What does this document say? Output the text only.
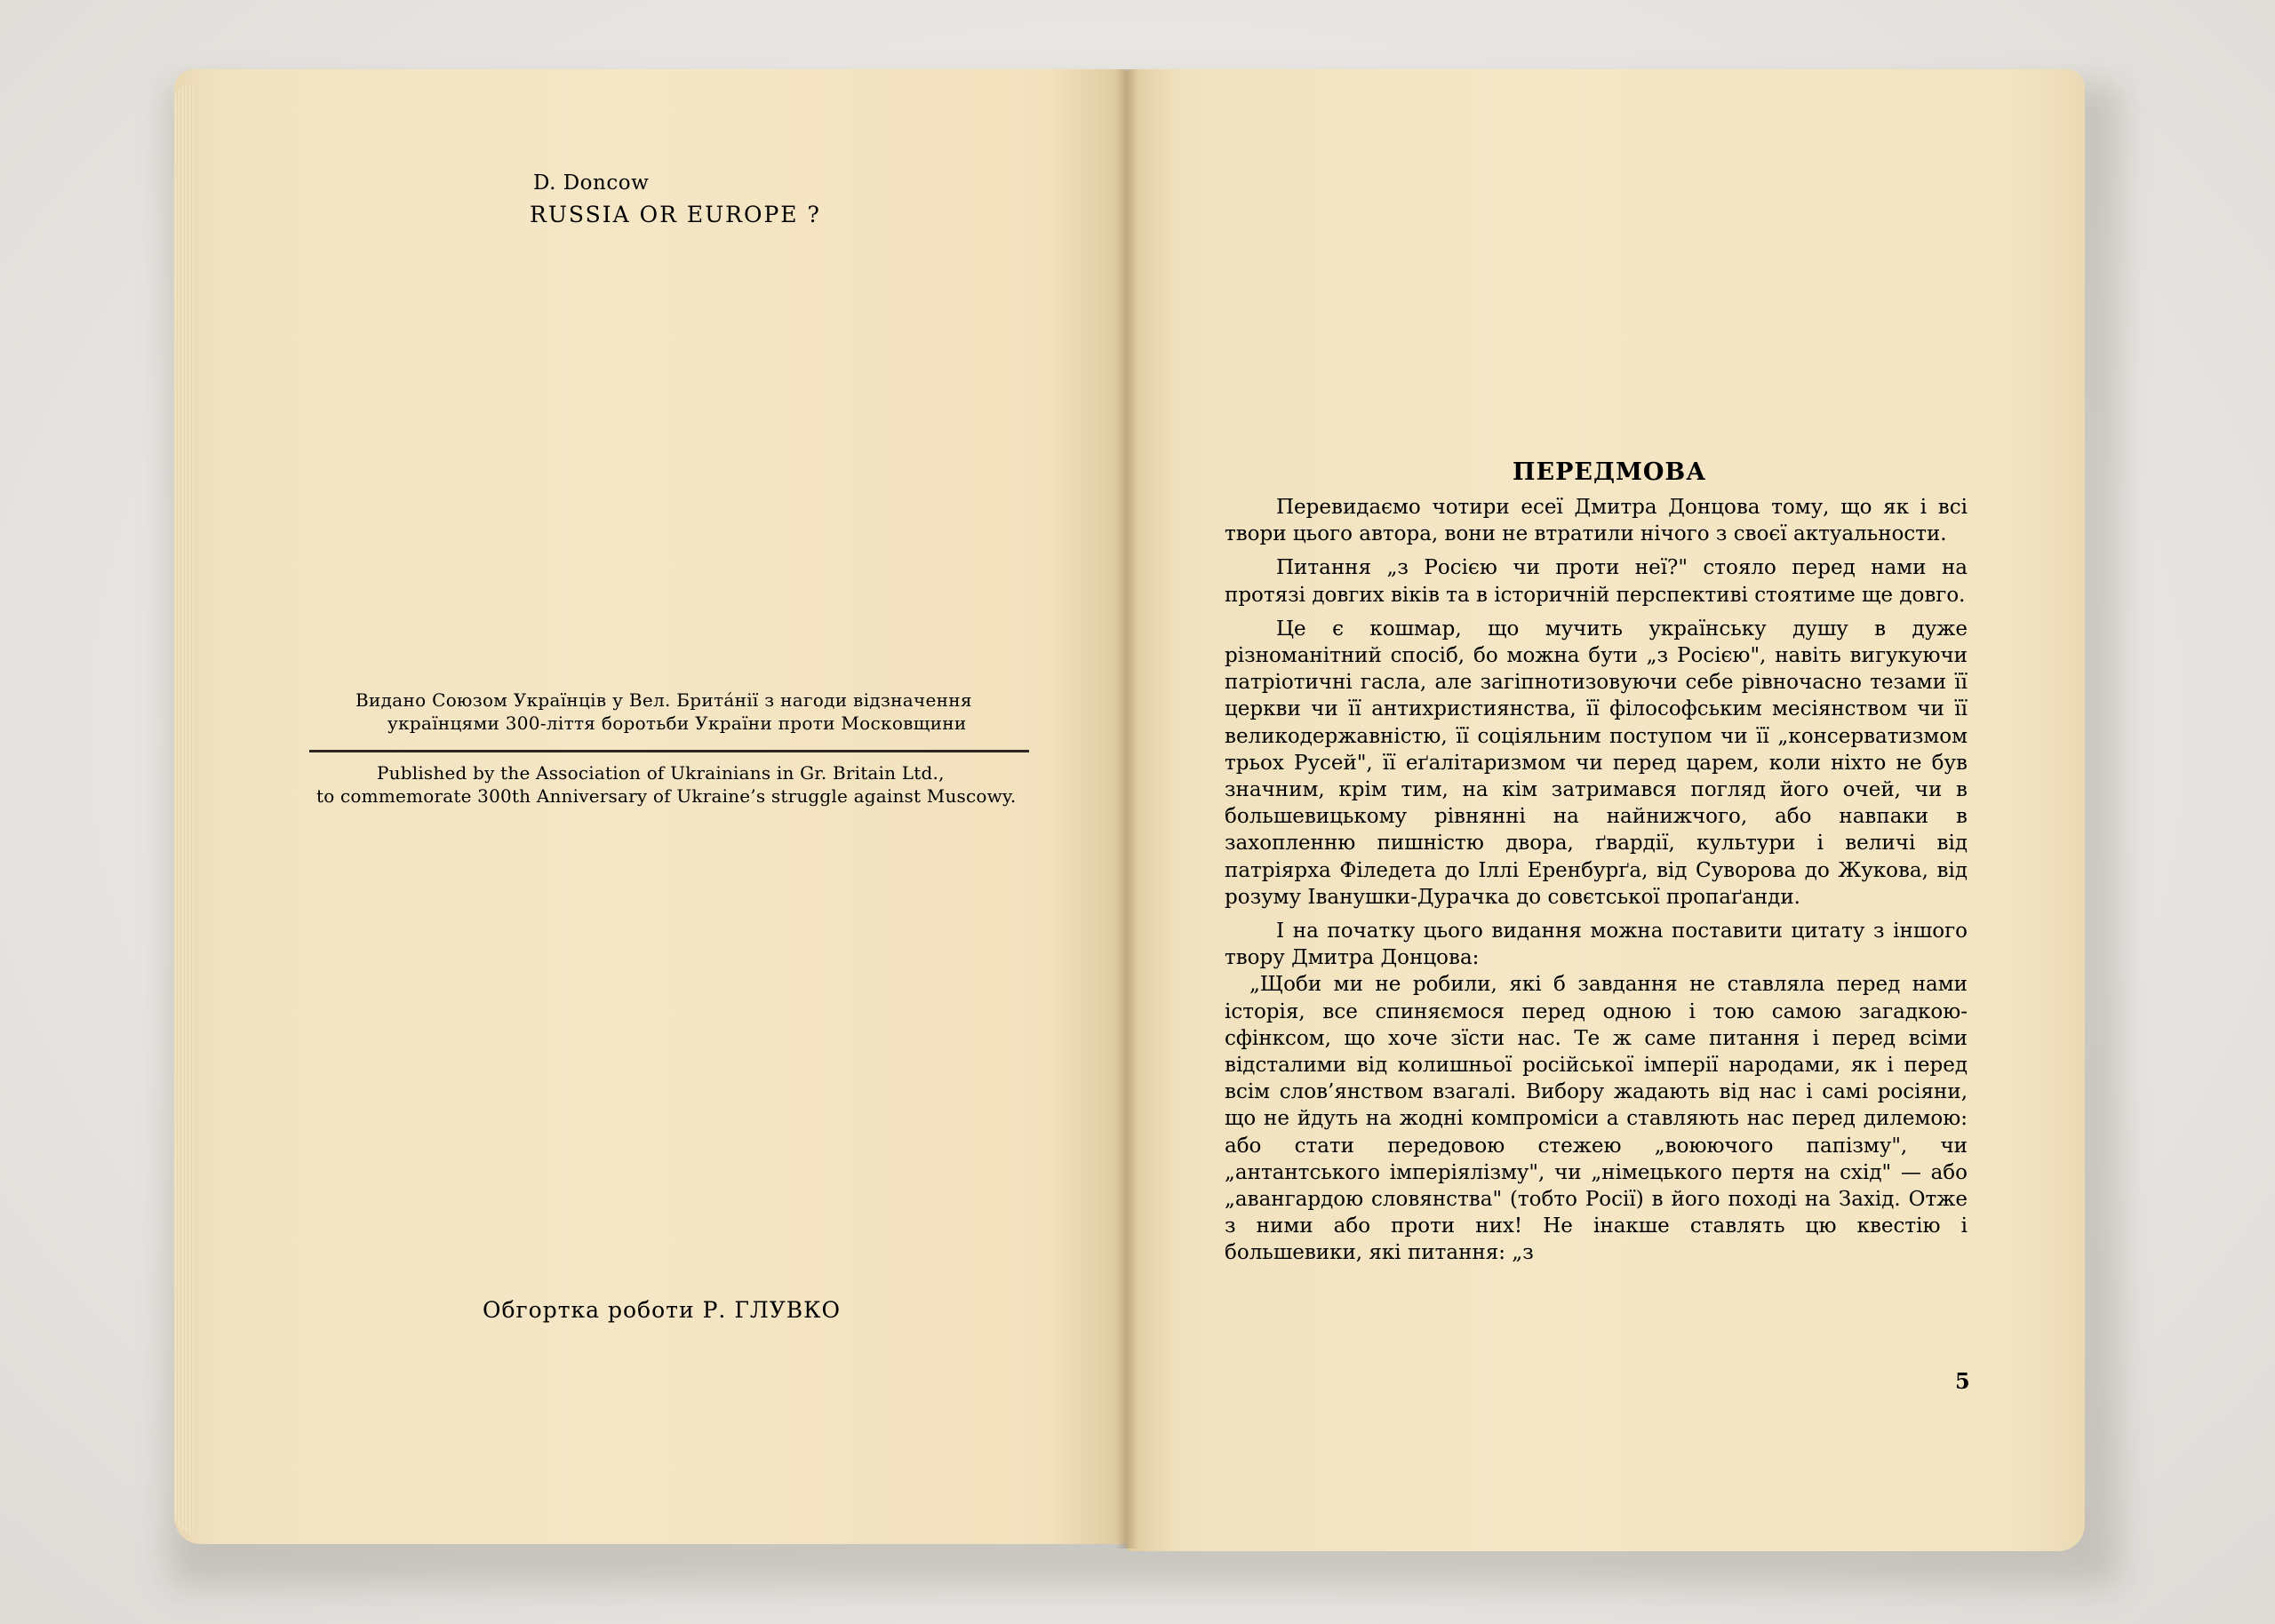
D. Doncow
RUSSIA OR EUROPE ?
Видано Союзом Українців у Вел. Бритáнії з нагоди відзначення
українцями 300-ліття боротьби України проти Московщини
Published by the Association of Ukrainians in Gr. Britain Ltd.,
to commemorate 300th Anniversary of Ukraine’s struggle against Muscowy.
Обгортка роботи Р. ГЛУВКО
ПЕРЕДМОВА

Перевидаємо чотири есеї Дмитра Донцова тому, що як і всі твори цього автора, вони не втратили нічого з своєї актуальности.

Питання „з Росією чи проти неї?" стояло перед нами на протязі довгих віків та в історичній перспективі стоятиме ще довго.

Це є кошмар, що мучить українську душу в дуже різноманітний спосіб, бо можна бути „з Росією", навіть вигукуючи патріотичні гасла, але загіпнотизовуючи себе рівночасно тезами її церкви чи її антихристиянства, її філософським месіянством чи її великодержавністю, її соціяльним поступом чи її „консерватизмом трьох Русей", її еґалітаризмом чи перед царем, коли ніхто не був значним, крім тим, на кім затримався погляд його очей, чи в большевицькому рівнянні на найнижчого, або навпаки в захопленню пишністю двора, ґвардії, культури і величі від патріярха Філедета до Іллі Еренбурґа, від Суворова до Жукова, від розуму Іванушки-Дурачка до совєтської пропаґанди.

І на початку цього видання можна поставити цитату з іншого твору Дмитра Донцова:

„Щоби ми не робили, які б завдання не ставляла перед нами історія, все спиняємося перед одною і тою самою загадкою-сфінксом, що хоче зїсти нас. Те ж саме питання і перед всіми відсталими від колишньої російської імперії народами, як і перед всім слов’янством взагалі. Вибору жадають від нас і самі росіяни, що не йдуть на жодні компроміси а ставляють нас перед дилемою: або стати передовою стежею „воюючого папізму", чи „антантського імперіялізму", чи „німецького пертя на схід" — або „авангардою словянства" (тобто Росії) в його поході на Захід. Отже з ними або проти них! Не інакше ставлять цю квестію і большевики, які питання: „з

5
